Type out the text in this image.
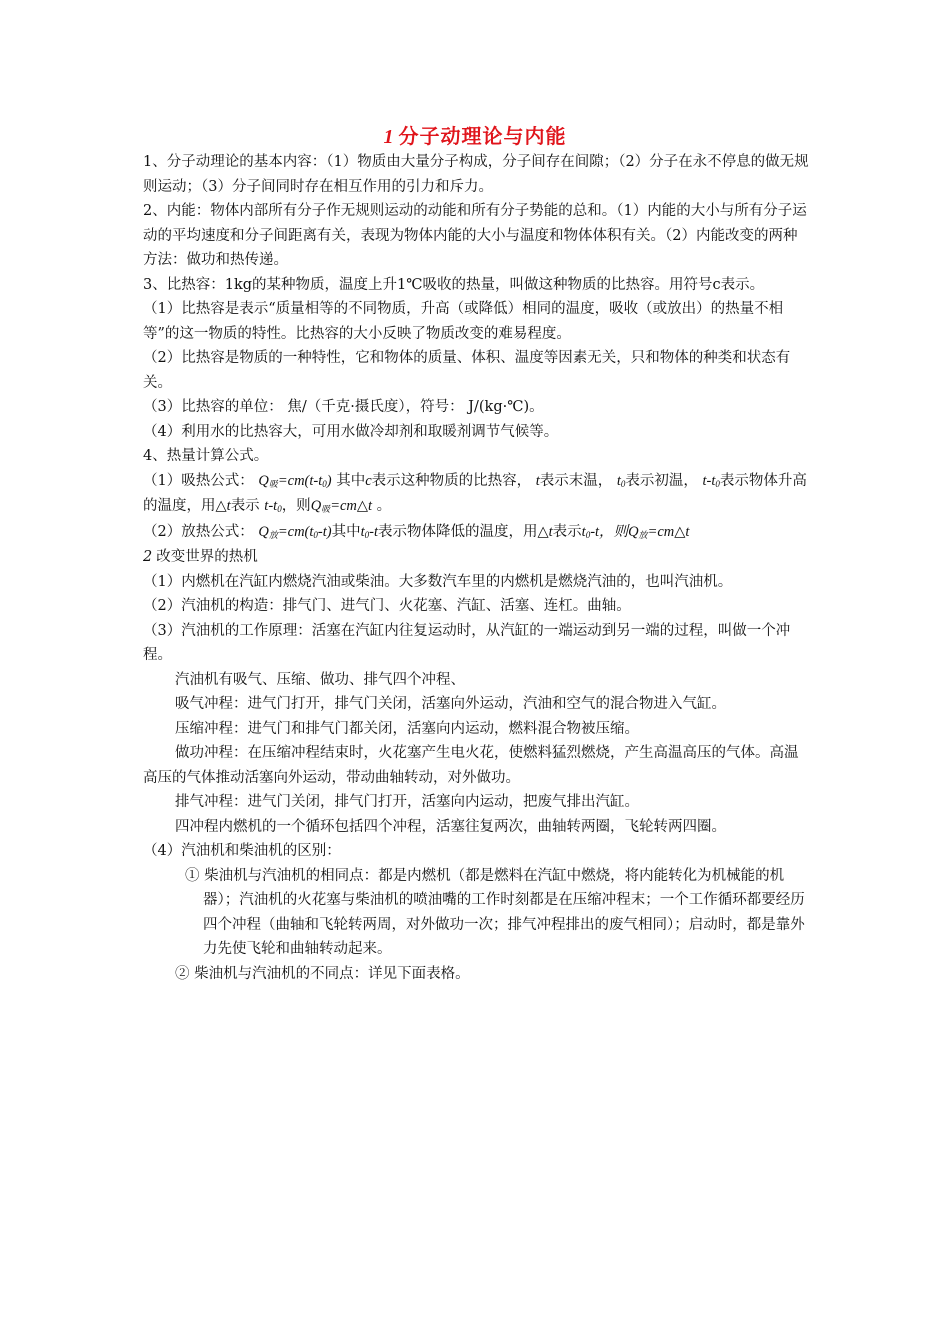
1 分子动理论与内能

1、分子动理论的基本内容：（1）物质由大量分子构成，分子间存在间隙；（2）分子在永不停息的做无规则运动；（3）分子间同时存在相互作用的引力和斥力。

2、内能：物体内部所有分子作无规则运动的动能和所有分子势能的总和。（1）内能的大小与所有分子运动的平均速度和分子间距离有关，表现为物体内能的大小与温度和物体体积有关。（2）内能改变的两种方法：做功和热传递。

3、比热容：1kg的某种物质，温度上升1℃吸收的热量，叫做这种物质的比热容。用符号c表示。

（1）比热容是表示“质量相等的不同物质，升高（或降低）相同的温度，吸收（或放出）的热量不相等”的这一物质的特性。比热容的大小反映了物质改变的难易程度。

（2）比热容是物质的一种特性，它和物体的质量、体积、温度等因素无关，只和物体的种类和状态有关。

（3）比热容的单位： 焦/（千克·摄氏度），符号： J/(kg·℃)。

（4）利用水的比热容大，可用水做冷却剂和取暖剂调节气候等。

4、热量计算公式。

（1）吸热公式： $Q_吸=cm(t-t_0)$ 其中c表示这种物质的比热容， t表示末温， $t_0$表示初温， $t-t_0$表示物体升高的温度，用△t表示 $t-t_0$，则$Q_吸=cm\triangle t$ 。

（2）放热公式： $Q_放=cm(t_0-t)$其中$t_0-t$表示物体降低的温度，用△t表示$t_0-t$，则$Q_放=cm\triangle t$

2 改变世界的热机

（1）内燃机在汽缸内燃烧汽油或柴油。大多数汽车里的内燃机是燃烧汽油的，也叫汽油机。

（2）汽油机的构造：排气门、进气门、火花塞、汽缸、活塞、连杠。曲轴。

（3）汽油机的工作原理：活塞在汽缸内往复运动时，从汽缸的一端运动到另一端的过程，叫做一个冲程。

汽油机有吸气、压缩、做功、排气四个冲程、

吸气冲程：进气门打开，排气门关闭，活塞向外运动，汽油和空气的混合物进入气缸。

压缩冲程：进气门和排气门都关闭，活塞向内运动，燃料混合物被压缩。

做功冲程：在压缩冲程结束时，火花塞产生电火花，使燃料猛烈燃烧，产生高温高压的气体。高温高压的气体推动活塞向外运动，带动曲轴转动，对外做功。

排气冲程：进气门关闭，排气门打开，活塞向内运动，把废气排出汽缸。

四冲程内燃机的一个循环包括四个冲程，活塞往复两次，曲轴转两圈，飞轮转两四圈。

（4）汽油机和柴油机的区别：

① 柴油机与汽油机的相同点：都是内燃机（都是燃料在汽缸中燃烧，将内能转化为机械能的机器）；汽油机的火花塞与柴油机的喷油嘴的工作时刻都是在压缩冲程末；一个工作循环都要经历四个冲程（曲轴和飞轮转两周，对外做功一次；排气冲程排出的废气相同）；启动时，都是靠外力先使飞轮和曲轴转动起来。

② 柴油机与汽油机的不同点：详见下面表格。
